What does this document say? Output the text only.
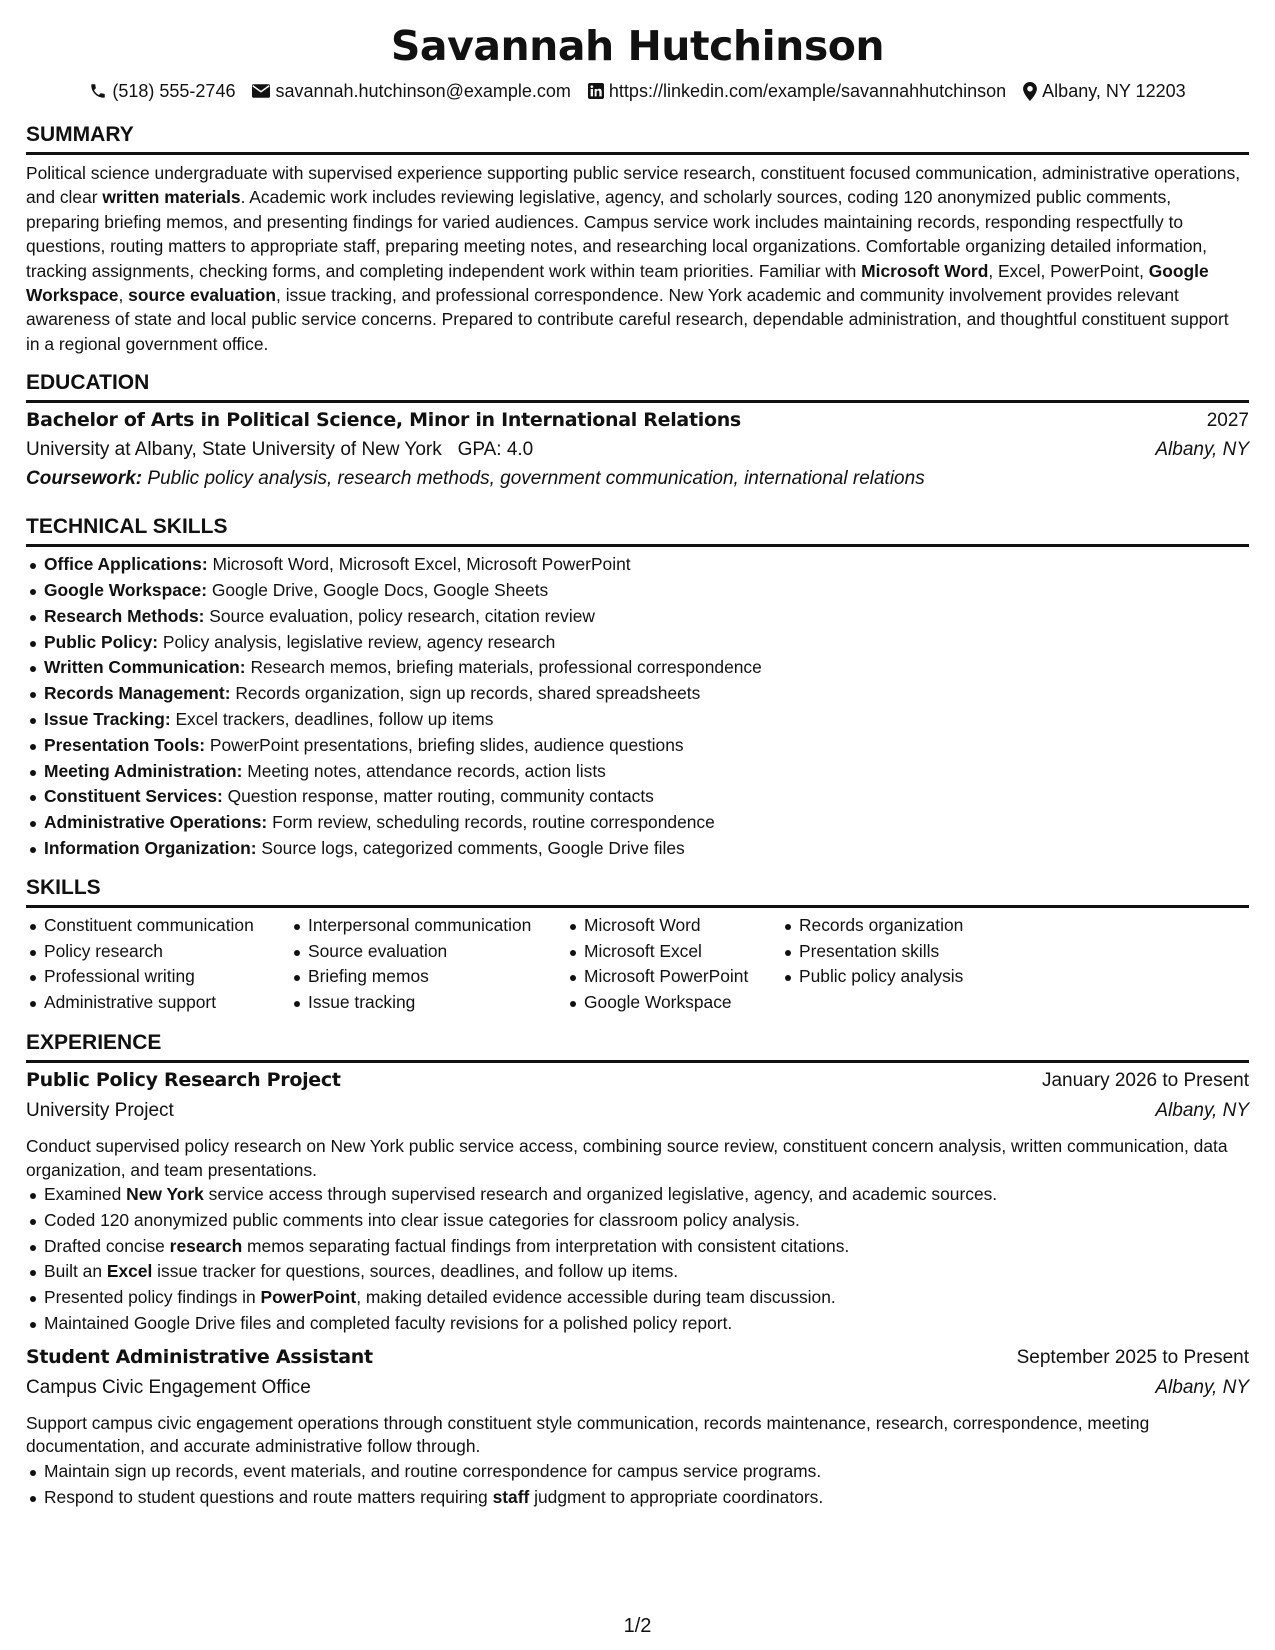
Savannah Hutchinson
(518) 555-2746 savannah.hutchinson@example.com https://linkedin.com/example/savannahhutchinson Albany, NY 12203
SUMMARY

Political science undergraduate with supervised experience supporting public service research, constituent focused communication, administrative operations, and clear written materials. Academic work includes reviewing legislative, agency, and scholarly sources, coding 120 anonymized public comments, preparing briefing memos, and presenting findings for varied audiences. Campus service work includes maintaining records, responding respectfully to questions, routing matters to appropriate staff, preparing meeting notes, and researching local organizations. Comfortable organizing detailed information, tracking assignments, checking forms, and completing independent work within team priorities. Familiar with Microsoft Word, Excel, PowerPoint, Google Workspace, source evaluation, issue tracking, and professional correspondence. New York academic and community involvement provides relevant awareness of state and local public service concerns. Prepared to contribute careful research, dependable administration, and thoughtful constituent support in a regional government office.

EDUCATION
Bachelor of Arts in Political Science, Minor in International Relations	2027
University at Albany, State University of New York GPA: 4.0	Albany, NY
Coursework: Public policy analysis, research methods, government communication, international relations
TECHNICAL SKILLS
Office Applications: Microsoft Word, Microsoft Excel, Microsoft PowerPoint
Google Workspace: Google Drive, Google Docs, Google Sheets
Research Methods: Source evaluation, policy research, citation review
Public Policy: Policy analysis, legislative review, agency research
Written Communication: Research memos, briefing materials, professional correspondence
Records Management: Records organization, sign up records, shared spreadsheets
Issue Tracking: Excel trackers, deadlines, follow up items
Presentation Tools: PowerPoint presentations, briefing slides, audience questions
Meeting Administration: Meeting notes, attendance records, action lists
Constituent Services: Question response, matter routing, community contacts
Administrative Operations: Form review, scheduling records, routine correspondence
Information Organization: Source logs, categorized comments, Google Drive files
SKILLS
Constituent communication
Policy research
Professional writing
Administrative support
Interpersonal communication
Source evaluation
Briefing memos
Issue tracking
Microsoft Word
Microsoft Excel
Microsoft PowerPoint
Google Workspace
Records organization
Presentation skills
Public policy analysis
EXPERIENCE
Public Policy Research Project	January 2026 to Present
University Project	Albany, NY

Conduct supervised policy research on New York public service access, combining source review, constituent concern analysis, written communication, data organization, and team presentations.

Examined New York service access through supervised research and organized legislative, agency, and academic sources.
Coded 120 anonymized public comments into clear issue categories for classroom policy analysis.
Drafted concise research memos separating factual findings from interpretation with consistent citations.
Built an Excel issue tracker for questions, sources, deadlines, and follow up items.
Presented policy findings in PowerPoint, making detailed evidence accessible during team discussion.
Maintained Google Drive files and completed faculty revisions for a polished policy report.
Student Administrative Assistant	September 2025 to Present
Campus Civic Engagement Office	Albany, NY

Support campus civic engagement operations through constituent style communication, records maintenance, research, correspondence, meeting documentation, and accurate administrative follow through.

Maintain sign up records, event materials, and routine correspondence for campus service programs.
Respond to student questions and route matters requiring staff judgment to appropriate coordinators.
1/2
